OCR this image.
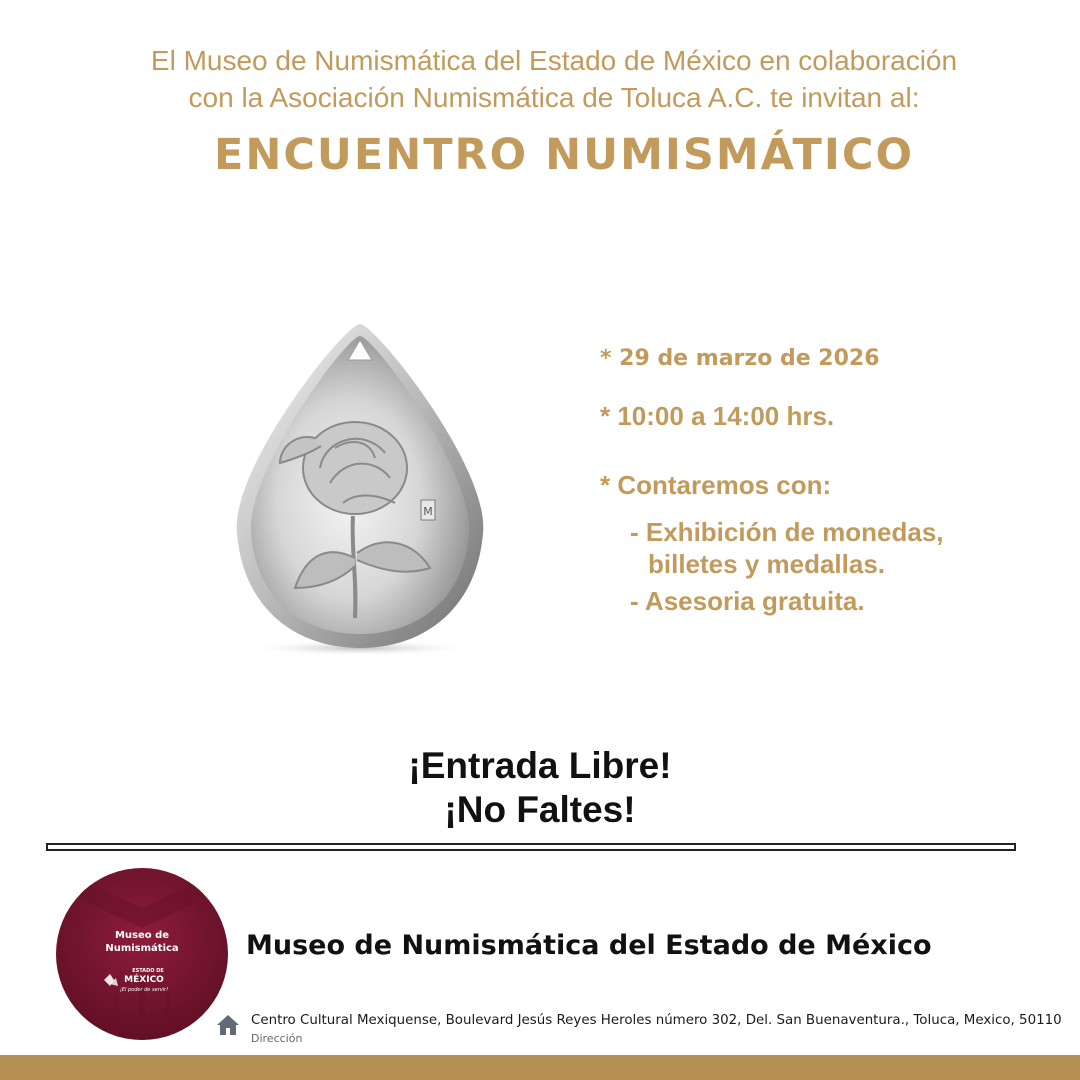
El Museo de Numismática del Estado de México en colaboración
con la Asociación Numismática de Toluca A.C. te invitan al:
ENCUENTRO NUMISMÁTICO
M
* 29 de marzo de 2026
* 10:00 a 14:00 hrs.
* Contaremos con:
- Exhibición de monedas,
billetes y medallas.
- Asesoria gratuita.
¡Entrada Libre!
¡No Faltes!
Museo de
Numismática
ESTADO DE
MÉXICO
¡El poder de servir!
Museo de Numismática del Estado de México
Centro Cultural Mexiquense, Boulevard Jesús Reyes Heroles número 302, Del. San Buenaventura., Toluca, Mexico, 50110
Dirección
